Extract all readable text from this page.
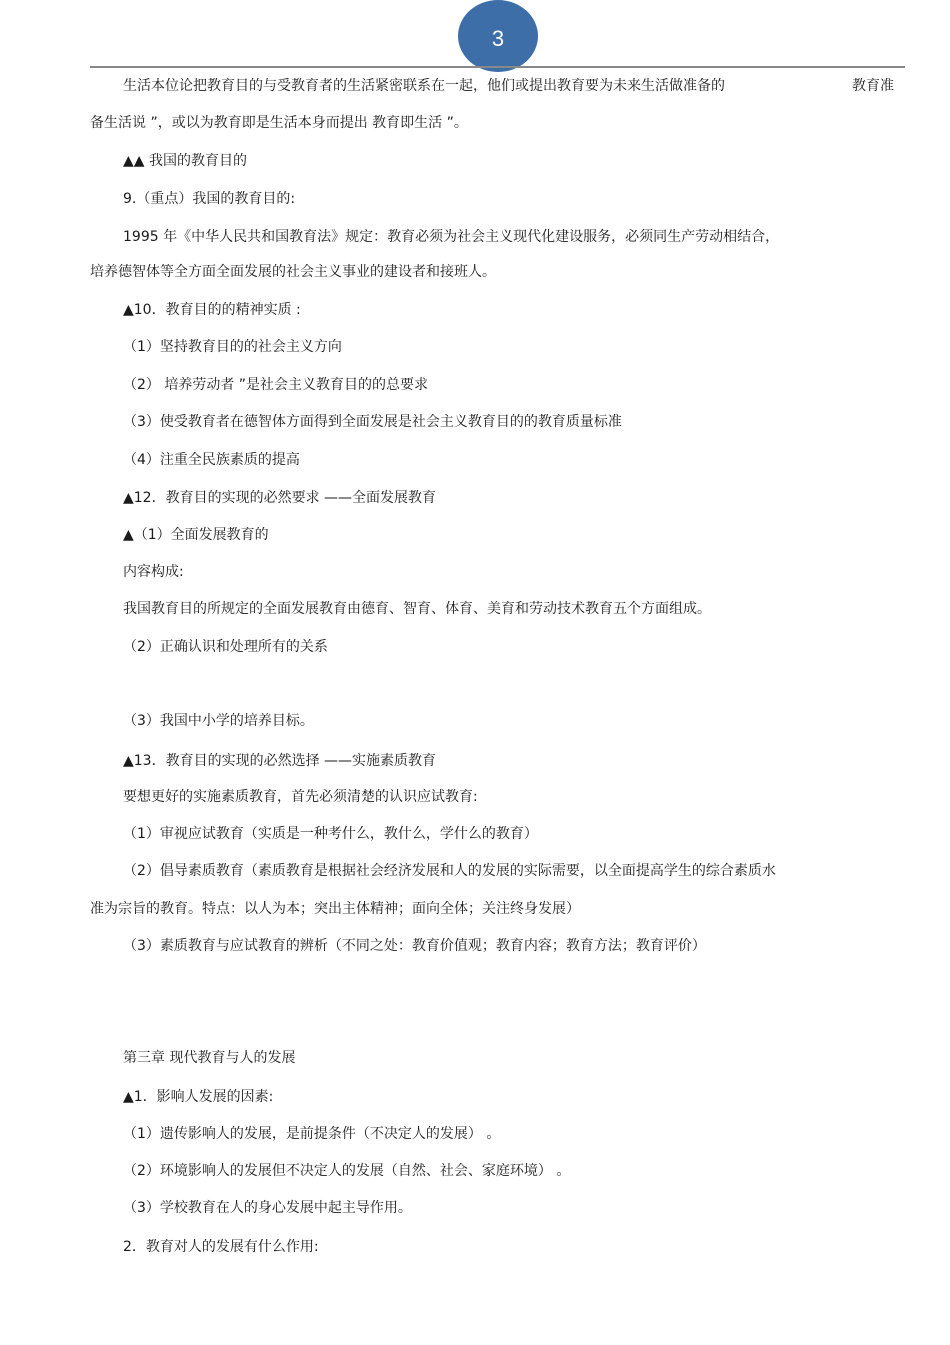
3
生活本位论把教育目的与受教育者的生活紧密联系在一起，他们或提出教育要为未来生活做准备的	教育准
备生活说 ”，或以为教育即是生活本身而提出 教育即生活 ”。
▲▲ 我国的教育目的
9.（重点）我国的教育目的:
1995 年《中华人民共和国教育法》规定：教育必须为社会主义现代化建设服务，必须同生产劳动相结合，
培养德智体等全方面全面发展的社会主义事业的建设者和接班人。
▲10．教育目的的精神实质 :
（1）坚持教育目的的社会主义方向
（2） 培养劳动者 ”是社会主义教育目的的总要求
（3）使受教育者在德智体方面得到全面发展是社会主义教育目的的教育质量标准
（4）注重全民族素质的提高
▲12．教育目的实现的必然要求 ——全面发展教育
▲（1）全面发展教育的
内容构成:
我国教育目的所规定的全面发展教育由德育、智育、体育、美育和劳动技术教育五个方面组成。
（2）正确认识和处理所有的关系
（3）我国中小学的培养目标。
▲13．教育目的实现的必然选择 ——实施素质教育
要想更好的实施素质教育，首先必须清楚的认识应试教育:
（1）审视应试教育（实质是一种考什么，教什么，学什么的教育）
（2）倡导素质教育（素质教育是根据社会经济发展和人的发展的实际需要，以全面提高学生的综合素质水
准为宗旨的教育。特点：以人为本；突出主体精神；面向全体；关注终身发展）
（3）素质教育与应试教育的辨析（不同之处：教育价值观；教育内容；教育方法；教育评价）
第三章 现代教育与人的发展
▲1．影响人发展的因素:
（1）遗传影响人的发展，是前提条件（不决定人的发展） 。
（2）环境影响人的发展但不决定人的发展（自然、社会、家庭环境） 。
（3）学校教育在人的身心发展中起主导作用。
2．教育对人的发展有什么作用:
